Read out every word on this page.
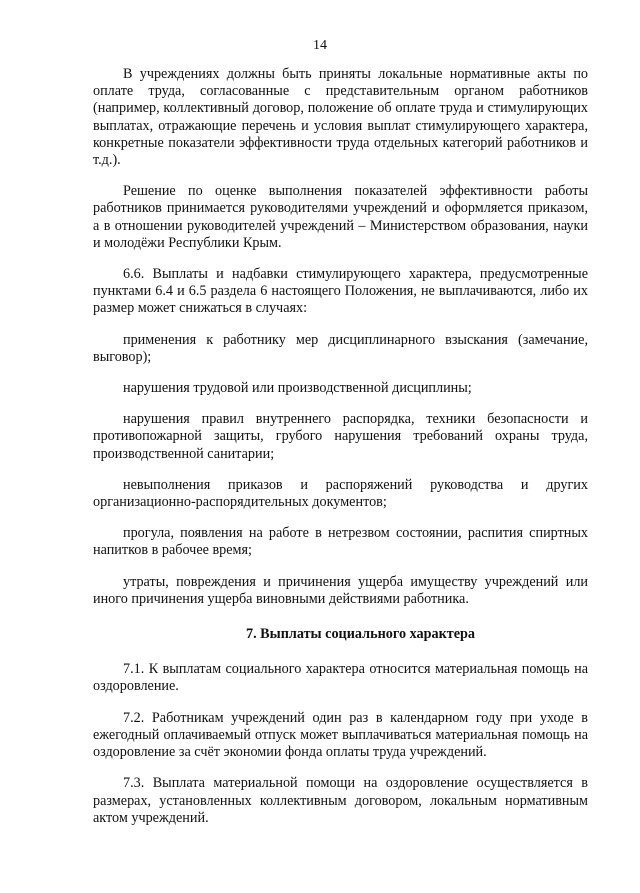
14

В учреждениях должны быть приняты локальные нормативные акты по оплате труда, согласованные с представительным органом работников (например, коллективный договор, положение об оплате труда и стимулирующих выплатах, отражающие перечень и условия выплат стимулирующего характера, конкретные показатели эффективности труда отдельных категорий работников и т.д.).

Решение по оценке выполнения показателей эффективности работы работников принимается руководителями учреждений и оформляется приказом, а в отношении руководителей учреждений – Министерством образования, науки и молодёжи Республики Крым.

6.6. Выплаты и надбавки стимулирующего характера, предусмотренные пунктами 6.4 и 6.5 раздела 6 настоящего Положения, не выплачиваются, либо их размер может снижаться в случаях:

применения к работнику мер дисциплинарного взыскания (замечание, выговор);

нарушения трудовой или производственной дисциплины;

нарушения правил внутреннего распорядка, техники безопасности и противопожарной защиты, грубого нарушения требований охраны труда, производственной санитарии;

невыполнения приказов и распоряжений руководства и других организационно-распорядительных документов;

прогула, появления на работе в нетрезвом состоянии, распития спиртных напитков в рабочее время;

утраты, повреждения и причинения ущерба имуществу учреждений или иного причинения ущерба виновными действиями работника.

7. Выплаты социального характера

7.1. К выплатам социального характера относится материальная помощь на оздоровление.

7.2. Работникам учреждений один раз в календарном году при уходе в ежегодный оплачиваемый отпуск может выплачиваться материальная помощь на оздоровление за счёт экономии фонда оплаты труда учреждений.

7.3. Выплата материальной помощи на оздоровление осуществляется в размерах, установленных коллективным договором, локальным нормативным актом учреждений.
